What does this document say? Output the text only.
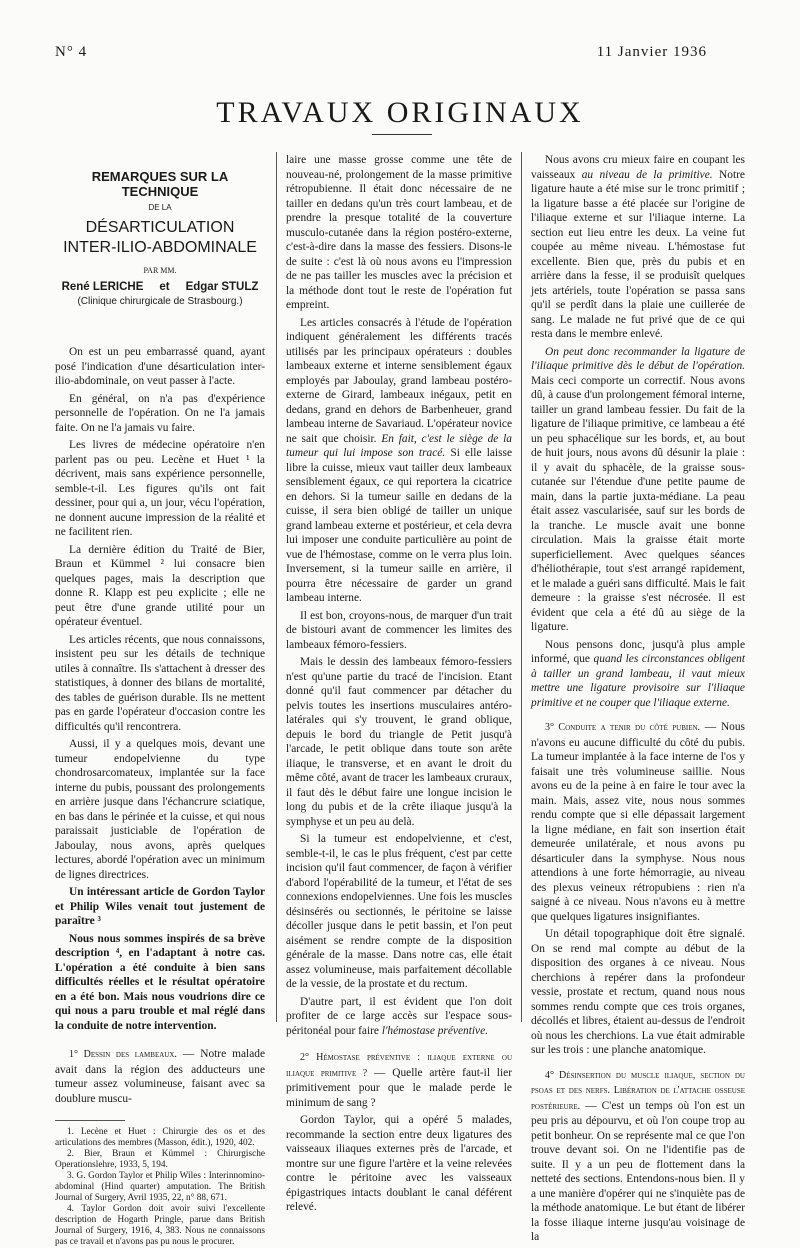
N° 4	11 Janvier 1936
TRAVAUX ORIGINAUX
REMARQUES SUR LA TECHNIQUE
DE LA
DÉSARTICULATION
INTER-ILIO-ABDOMINALE
PAR MM.
René LERICHE et Edgar STULZ
(Clinique chirurgicale de Strasbourg.)

On est un peu embarrassé quand, ayant posé l'indication d'une désarticulation inter-ilio-abdominale, on veut passer à l'acte.

En général, on n'a pas d'expérience personnelle de l'opération. On ne l'a jamais faite. On ne l'a jamais vu faire.

Les livres de médecine opératoire n'en parlent pas ou peu. Lecène et Huet ¹ la décrivent, mais sans expérience personnelle, semble-t-il. Les figures qu'ils ont fait dessiner, pour qui a, un jour, vécu l'opération, ne donnent aucune impression de la réalité et ne facilitent rien.

La dernière édition du Traité de Bier, Braun et Kümmel ² lui consacre bien quelques pages, mais la description que donne R. Klapp est peu explicite ; elle ne peut être d'une grande utilité pour un opérateur éventuel.

Les articles récents, que nous connaissons, insistent peu sur les détails de technique utiles à connaître. Ils s'attachent à dresser des statistiques, à donner des bilans de mortalité, des tables de guérison durable. Ils ne mettent pas en garde l'opérateur d'occasion contre les difficultés qu'il rencontrera.

Aussi, il y a quelques mois, devant une tumeur endopelvienne du type chondrosarcomateux, implantée sur la face interne du pubis, poussant des prolongements en arrière jusque dans l'échancrure sciatique, en bas dans le périnée et la cuisse, et qui nous paraissait justiciable de l'opération de Jaboulay, nous avons, après quelques lectures, abordé l'opération avec un minimum de lignes directrices.

Un intéressant article de Gordon Taylor et Philip Wiles venait tout justement de paraître ³

Nous nous sommes inspirés de sa brève description ⁴, en l'adaptant à notre cas. L'opération a été conduite à bien sans difficultés réelles et le résultat opératoire en a été bon. Mais nous voudrions dire ce qui nous a paru trouble et mal réglé dans la conduite de notre intervention.

1° Dessin des lambeaux. — Notre malade avait dans la région des adducteurs une tumeur assez volumineuse, faisant avec sa doublure muscu-

1. Lecène et Huet : Chirurgie des os et des articulations des membres (Masson, édit.), 1920, 402.

2. Bier, Braun et Kümmel : Chirurgische Operationslehre, 1933, 5, 194.

3. G. Gordon Taylor et Philip Wiles : Interinnomino-abdominal (Hind quarter) amputation. The British Journal of Surgery, Avril 1935, 22, n° 88, 671.

4. Taylor Gordon doit avoir suivi l'excellente description de Hogarth Pringle, parue dans British Journal of Surgery, 1916, 4, 383. Nous ne connaissons pas ce travail et n'avons pas pu nous le procurer.

laire une masse grosse comme une tête de nouveau-né, prolongement de la masse primitive rétropubienne. Il était donc nécessaire de ne tailler en dedans qu'un très court lambeau, et de prendre la presque totalité de la couverture musculo-cutanée dans la région postéro-externe, c'est-à-dire dans la masse des fessiers. Disons-le de suite : c'est là où nous avons eu l'impression de ne pas tailler les muscles avec la précision et la méthode dont tout le reste de l'opération fut empreint.

Les articles consacrés à l'étude de l'opération indiquent généralement les différents tracés utilisés par les principaux opérateurs : doubles lambeaux externe et interne sensiblement égaux employés par Jaboulay, grand lambeau postéro-externe de Girard, lambeaux inégaux, petit en dedans, grand en dehors de Barbenheuer, grand lambeau interne de Savariaud. L'opérateur novice ne sait que choisir. En fait, c'est le siège de la tumeur qui lui impose son tracé. Si elle laisse libre la cuisse, mieux vaut tailler deux lambeaux sensiblement égaux, ce qui reportera la cicatrice en dehors. Si la tumeur saille en dedans de la cuisse, il sera bien obligé de tailler un unique grand lambeau externe et postérieur, et cela devra lui imposer une conduite particulière au point de vue de l'hémostase, comme on le verra plus loin. Inversement, si la tumeur saille en arrière, il pourra être nécessaire de garder un grand lambeau interne.

Il est bon, croyons-nous, de marquer d'un trait de bistouri avant de commencer les limites des lambeaux fémoro-fessiers.

Mais le dessin des lambeaux fémoro-fessiers n'est qu'une partie du tracé de l'incision. Etant donné qu'il faut commencer par détacher du pelvis toutes les insertions musculaires antéro-latérales qui s'y trouvent, le grand oblique, depuis le bord du triangle de Petit jusqu'à l'arcade, le petit oblique dans toute son arête iliaque, le transverse, et en avant le droit du même côté, avant de tracer les lambeaux cruraux, il faut dès le début faire une longue incision le long du pubis et de la crête iliaque jusqu'à la symphyse et un peu au delà.

Si la tumeur est endopelvienne, et c'est, semble-t-il, le cas le plus fréquent, c'est par cette incision qu'il faut commencer, de façon à vérifier d'abord l'opérabilité de la tumeur, et l'état de ses connexions endopelviennes. Une fois les muscles désinsérés ou sectionnés, le péritoine se laisse décoller jusque dans le petit bassin, et l'on peut aisément se rendre compte de la disposition générale de la masse. Dans notre cas, elle était assez volumineuse, mais parfaitement décollable de la vessie, de la prostate et du rectum.

D'autre part, il est évident que l'on doit profiter de ce large accès sur l'espace sous-péritonéal pour faire l'hémostase préventive.

2° Hémostase préventive : iliaque externe ou iliaque primitive ? — Quelle artère faut-il lier primitivement pour que le malade perde le minimum de sang ?

Gordon Taylor, qui a opéré 5 malades, recommande la section entre deux ligatures des vaisseaux iliaques externes près de l'arcade, et montre sur une figure l'artère et la veine relevées contre le péritoine avec les vaisseaux épigastriques intacts doublant le canal déférent relevé.

Nous avons cru mieux faire en coupant les vaisseaux au niveau de la primitive. Notre ligature haute a été mise sur le tronc primitif ; la ligature basse a été placée sur l'origine de l'iliaque externe et sur l'iliaque interne. La section eut lieu entre les deux. La veine fut coupée au même niveau. L'hémostase fut excellente. Bien que, près du pubis et en arrière dans la fesse, il se produisît quelques jets artériels, toute l'opération se passa sans qu'il se perdît dans la plaie une cuillerée de sang. Le malade ne fut privé que de ce qui resta dans le membre enlevé.

On peut donc recommander la ligature de l'iliaque primitive dès le début de l'opération. Mais ceci comporte un correctif. Nous avons dû, à cause d'un prolongement fémoral interne, tailler un grand lambeau fessier. Du fait de la ligature de l'iliaque primitive, ce lambeau a été un peu sphacélique sur les bords, et, au bout de huit jours, nous avons dû désunir la plaie : il y avait du sphacèle, de la graisse sous-cutanée sur l'étendue d'une petite paume de main, dans la partie juxta-médiane. La peau était assez vascularisée, sauf sur les bords de la tranche. Le muscle avait une bonne circulation. Mais la graisse était morte superficiellement. Avec quelques séances d'héliothérapie, tout s'est arrangé rapidement, et le malade a guéri sans difficulté. Mais le fait demeure : la graisse s'est nécrosée. Il est évident que cela a été dû au siège de la ligature.

Nous pensons donc, jusqu'à plus ample informé, que quand les circonstances obligent à tailler un grand lambeau, il vaut mieux mettre une ligature provisoire sur l'iliaque primitive et ne couper que l'iliaque externe.

3° Conduite a tenir du côté pubien. — Nous n'avons eu aucune difficulté du côté du pubis. La tumeur implantée à la face interne de l'os y faisait une très volumineuse saillie. Nous avons eu de la peine à en faire le tour avec la main. Mais, assez vite, nous nous sommes rendu compte que si elle dépassait largement la ligne médiane, en fait son insertion était demeurée unilatérale, et nous avons pu désarticuler dans la symphyse. Nous nous attendions à une forte hémorragie, au niveau des plexus veineux rétropubiens : rien n'a saigné à ce niveau. Nous n'avons eu à mettre que quelques ligatures insignifiantes.

Un détail topographique doit être signalé. On se rend mal compte au début de la disposition des organes à ce niveau. Nous cherchions à repérer dans la profondeur vessie, prostate et rectum, quand nous nous sommes rendu compte que ces trois organes, décollés et libres, étaient au-dessus de l'endroit où nous les cherchions. La vue était admirable sur les trois : une planche anatomique.

4° Désinsertion du muscle iliaque, section du psoas et des nerfs. Libération de l'attache osseuse postérieure. — C'est un temps où l'on est un peu pris au dépourvu, et où l'on coupe trop au petit bonheur. On se représente mal ce que l'on trouve devant soi. On ne l'identifie pas de suite. Il y a un peu de flottement dans la netteté des sections. Entendons-nous bien. Il y a une manière d'opérer qui ne s'inquiète pas de la méthode anatomique. Le but étant de libérer la fosse iliaque interne jusqu'au voisinage de la
